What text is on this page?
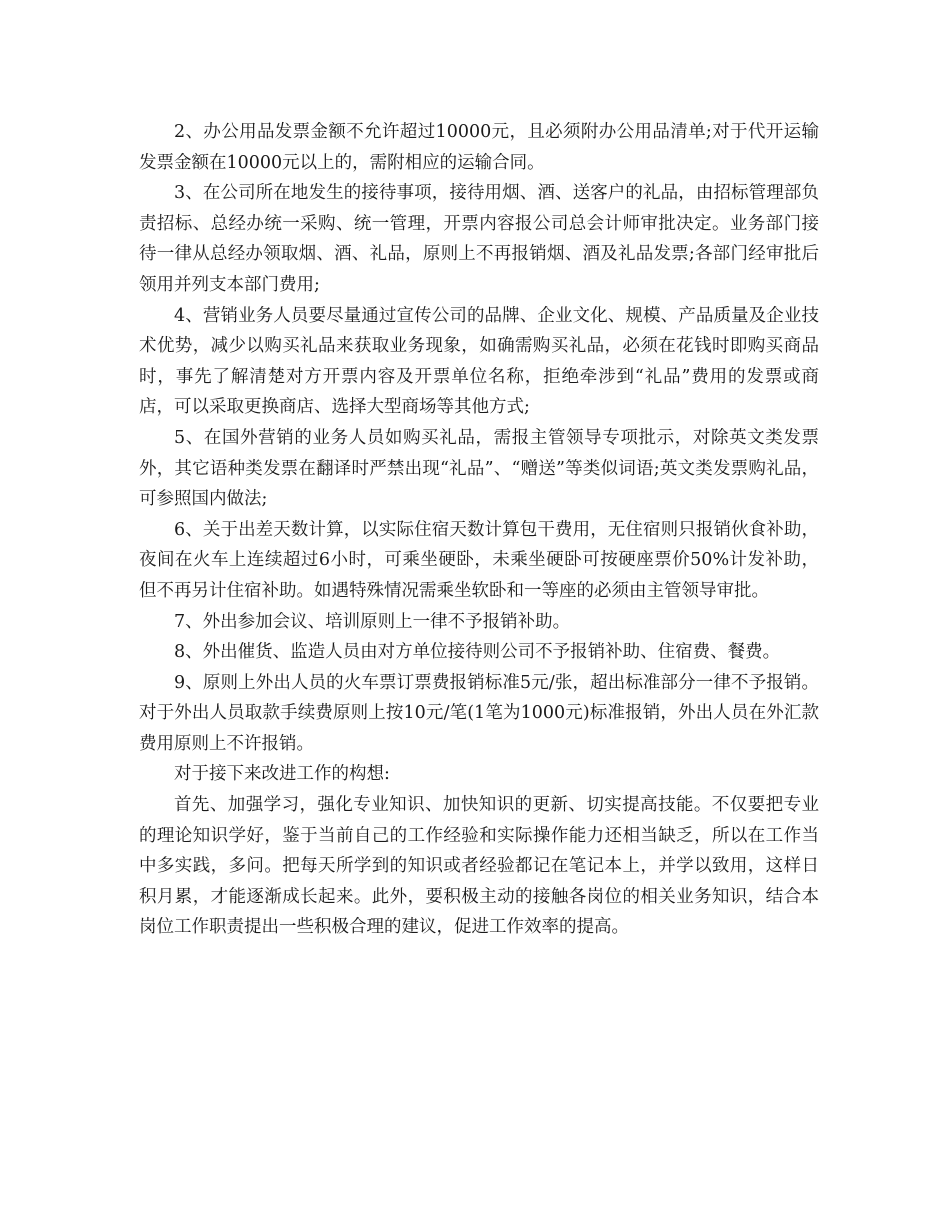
2、办公用品发票金额不允许超过10000元，且必须附办公用品清单;对于代开运输发票金额在10000元以上的，需附相应的运输合同。

3、在公司所在地发生的接待事项，接待用烟、酒、送客户的礼品，由招标管理部负责招标、总经办统一采购、统一管理，开票内容报公司总会计师审批决定。业务部门接待一律从总经办领取烟、酒、礼品，原则上不再报销烟、酒及礼品发票;各部门经审批后领用并列支本部门费用;

4、营销业务人员要尽量通过宣传公司的品牌、企业文化、规模、产品质量及企业技术优势，减少以购买礼品来获取业务现象，如确需购买礼品，必须在花钱时即购买商品时，事先了解清楚对方开票内容及开票单位名称，拒绝牵涉到“礼品”费用的发票或商店，可以采取更换商店、选择大型商场等其他方式;

5、在国外营销的业务人员如购买礼品，需报主管领导专项批示，对除英文类发票外，其它语种类发票在翻译时严禁出现“礼品”、“赠送”等类似词语;英文类发票购礼品，可参照国内做法;

6、关于出差天数计算，以实际住宿天数计算包干费用，无住宿则只报销伙食补助，夜间在火车上连续超过6小时，可乘坐硬卧，未乘坐硬卧可按硬座票价50%计发补助，但不再另计住宿补助。如遇特殊情况需乘坐软卧和一等座的必须由主管领导审批。

7、外出参加会议、培训原则上一律不予报销补助。

8、外出催货、监造人员由对方单位接待则公司不予报销补助、住宿费、餐费。

9、原则上外出人员的火车票订票费报销标准5元/张，超出标准部分一律不予报销。对于外出人员取款手续费原则上按10元/笔(1笔为1000元)标准报销，外出人员在外汇款费用原则上不许报销。

对于接下来改进工作的构想:

首先、加强学习，强化专业知识、加快知识的更新、切实提高技能。不仅要把专业的理论知识学好，鉴于当前自己的工作经验和实际操作能力还相当缺乏，所以在工作当中多实践，多问。把每天所学到的知识或者经验都记在笔记本上，并学以致用，这样日积月累，才能逐渐成长起来。此外，要积极主动的接触各岗位的相关业务知识，结合本岗位工作职责提出一些积极合理的建议，促进工作效率的提高。
